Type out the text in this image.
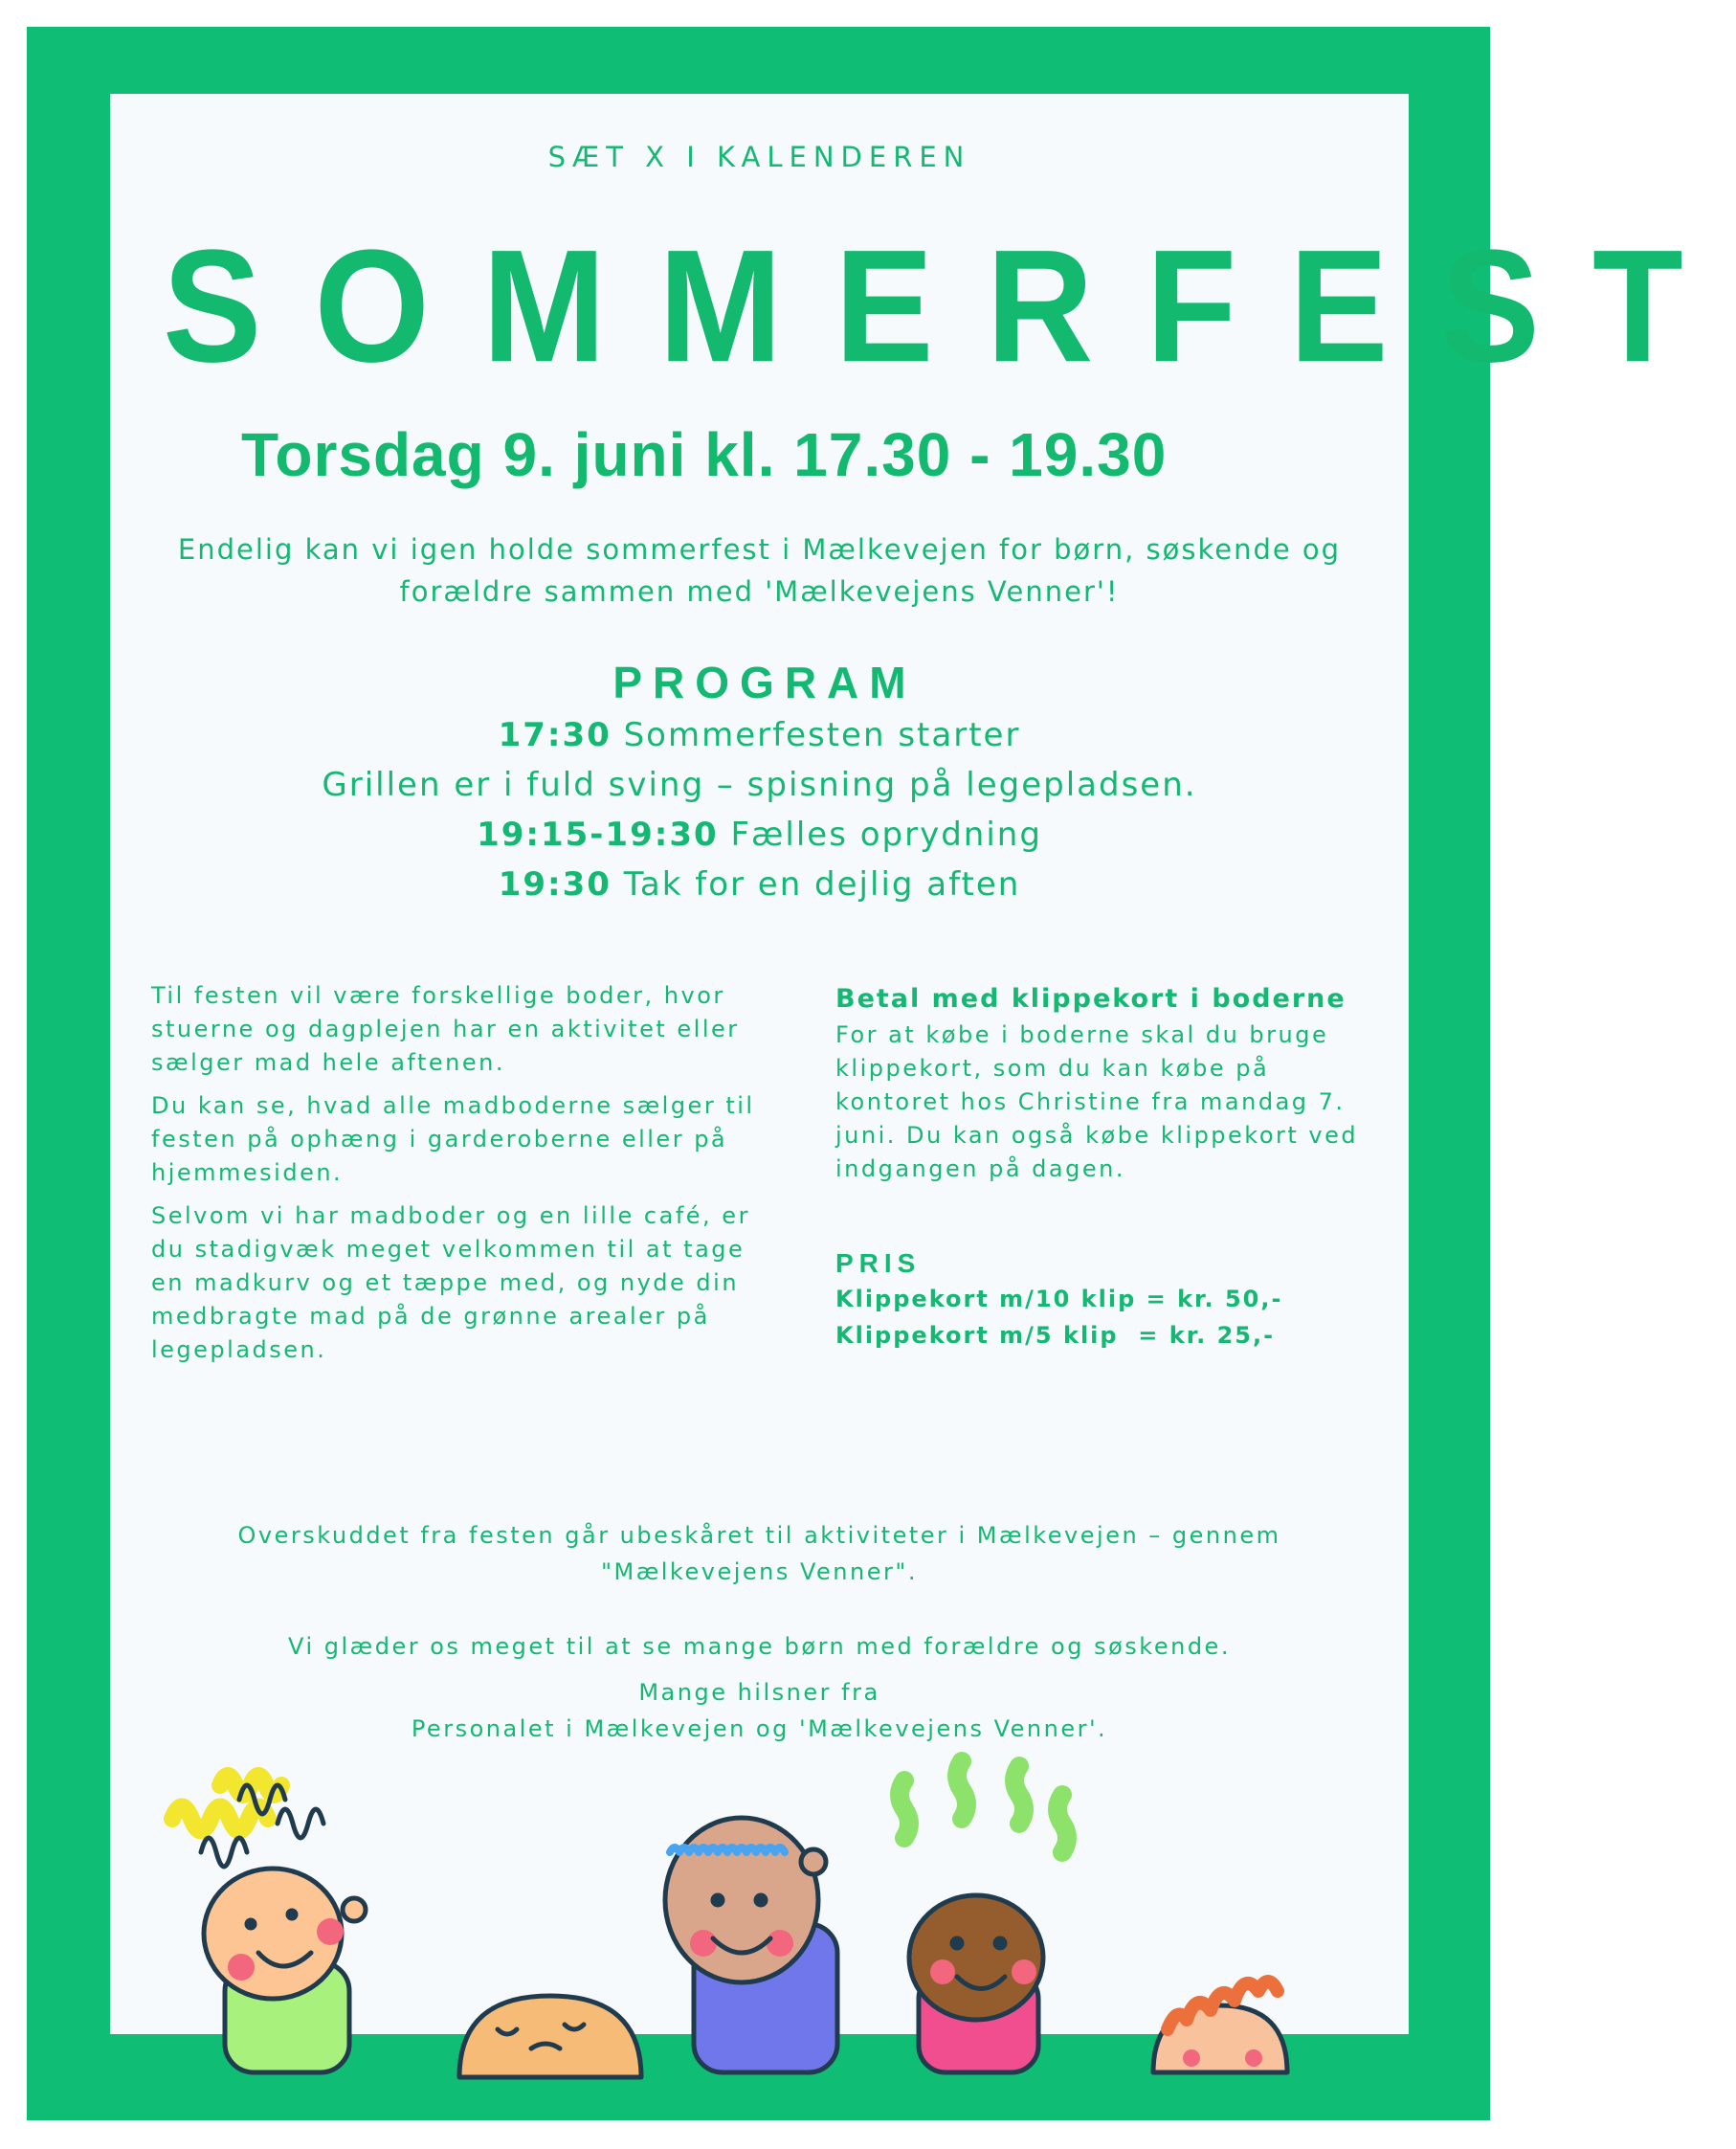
SÆT X I KALENDEREN
SOMMERFEST
Torsdag 9. juni kl. 17.30 - 19.30
Endelig kan vi igen holde sommerfest i Mælkevejen for børn, søskende og forældre sammen med 'Mælkevejens Venner'!
PROGRAM
17:30 Sommerfesten starter
Grillen er i fuld sving – spisning på legepladsen.
19:15-19:30 Fælles oprydning
19:30 Tak for en dejlig aften

Til festen vil være forskellige boder, hvor stuerne og dagplejen har en aktivitet eller sælger mad hele aftenen.

Du kan se, hvad alle madboderne sælger til festen på ophæng i garderoberne eller på hjemmesiden.

Selvom vi har madboder og en lille café, er du stadigvæk meget velkommen til at tage en madkurv og et tæppe med, og nyde din medbragte mad på de grønne arealer på legepladsen.

Betal med klippekort i boderne

For at købe i boderne skal du bruge klippekort, som du kan købe på kontoret hos Christine fra mandag 7. juni. Du kan også købe klippekort ved indgangen på dagen.

PRIS
Klippekort m/10 klip = kr. 50,-
Klippekort m/5 klip  = kr. 25,-

Overskuddet fra festen går ubeskåret til aktiviteter i Mælkevejen – gennem

"Mælkevejens Venner".

Vi glæder os meget til at se mange børn med forældre og søskende.

Mange hilsner fra

Personalet i Mælkevejen og 'Mælkevejens Venner'.
